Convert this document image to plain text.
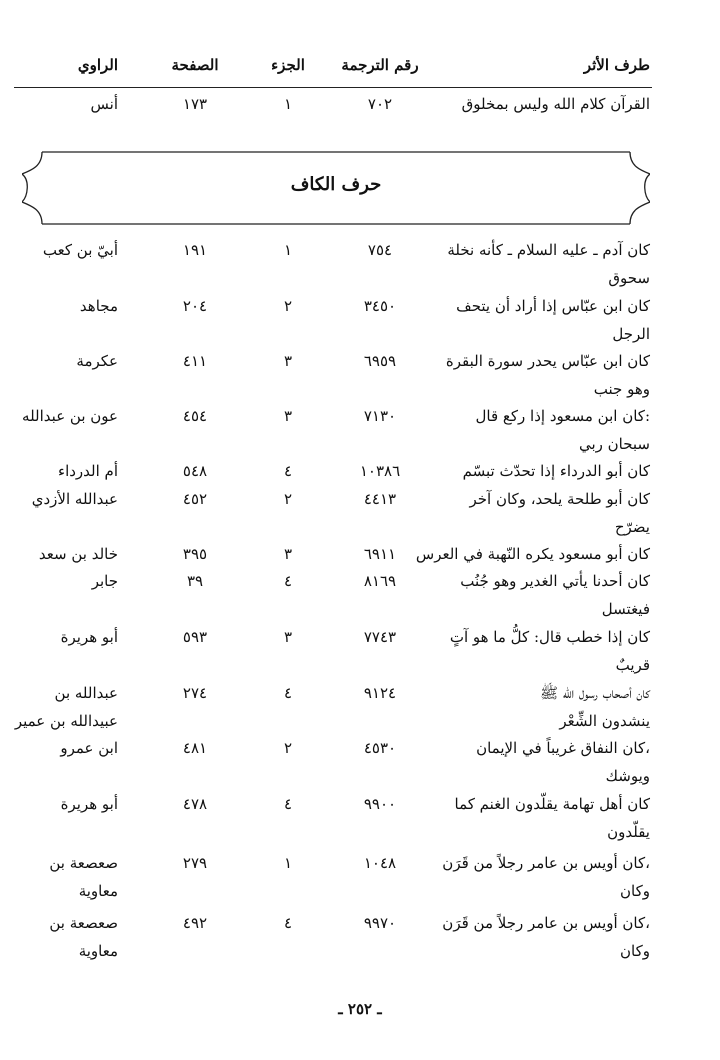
طرف الأثر
رقم الترجمة
الجزء
الصفحة
الراوي
القرآن كلام الله وليس بمخلوق
٧٠٢
١
١٧٣
أنس
حرف الكاف
كان آدم ـ عليه السلام ـ كأنه نخلة
٧٥٤
١
١٩١
أبيّ بن كعب
سحوق
كان ابن عبّاس إذا أراد أن يتحف
٣٤٥٠
٢
٢٠٤
مجاهد
الرجل
كان ابن عبّاس يحدر سورة البقرة
٦٩٥٩
٣
٤١١
عكرمة
وهو جنب
كان ابن مسعود إذا ركع قال:
٧١٣٠
٣
٤٥٤
عون بن عبدالله
سبحان ربي
كان أبو الدرداء إذا تحدّث تبسّم
١٠٣٨٦
٤
٥٤٨
أم الدرداء
كان أبو طلحة يلحد، وكان آخر
٤٤١٣
٢
٤٥٢
عبدالله الأزدي
يضرّح
كان أبو مسعود يكره النّهبة في العرس
٦٩١١
٣
٣٩٥
خالد بن سعد
كان أحدنا يأتي الغدير وهو جُنُب
٨١٦٩
٤
٣٩
جابر
فيغتسل
كان إذا خطب قال: كلُّ ما هو آتٍ
٧٧٤٣
٣
٥٩٣
أبو هريرة
قريبٌ
كان أصحاب رسول الله ﷺ
٩١٢٤
٤
٢٧٤
عبدالله بن
ينشدون الشِّعْر
عبيدالله بن عمير
كان النفاق غريباً في الإيمان،
٤٥٣٠
٢
٤٨١
ابن عمرو
ويوشك
كان أهل تهامة يقلّدون الغنم كما
٩٩٠٠
٤
٤٧٨
أبو هريرة
يقلّدون
كان أويس بن عامر رجلاً من قَرَن،
١٠٤٨
١
٢٧٩
صعصعة بن
وكان
معاوية
كان أويس بن عامر رجلاً من قَرَن،
٩٩٧٠
٤
٤٩٢
صعصعة بن
وكان
معاوية
ـ ٢٥٢ ـ
